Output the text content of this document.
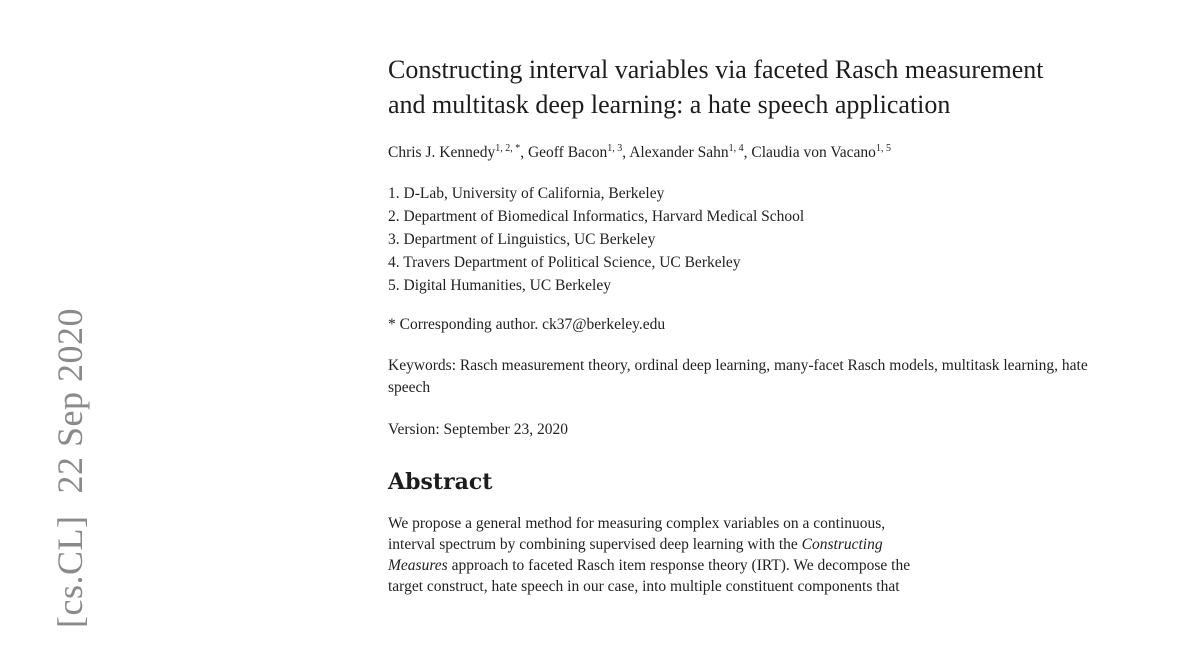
[cs.CL]22 Sep 2020
Constructing interval variables via faceted Rasch measurement
and multitask deep learning: a hate speech application
Chris J. Kennedy$^{1, 2, *}$, Geoff Bacon$^{1, 3}$, Alexander Sahn$^{1, 4}$, Claudia von Vacano$^{1, 5}$
1. D-Lab, University of California, Berkeley
2. Department of Biomedical Informatics, Harvard Medical School
3. Department of Linguistics, UC Berkeley
4. Travers Department of Political Science, UC Berkeley
5. Digital Humanities, UC Berkeley
* Corresponding author. ck37@berkeley.edu
Keywords: Rasch measurement theory, ordinal deep learning, many-facet Rasch models, multitask learning, hate speech
Version: September 23, 2020
Abstract
We propose a general method for measuring complex variables on a continuous,
interval spectrum by combining supervised deep learning with the Constructing
Measures approach to faceted Rasch item response theory (IRT). We decompose the
target construct, hate speech in our case, into multiple constituent components that
